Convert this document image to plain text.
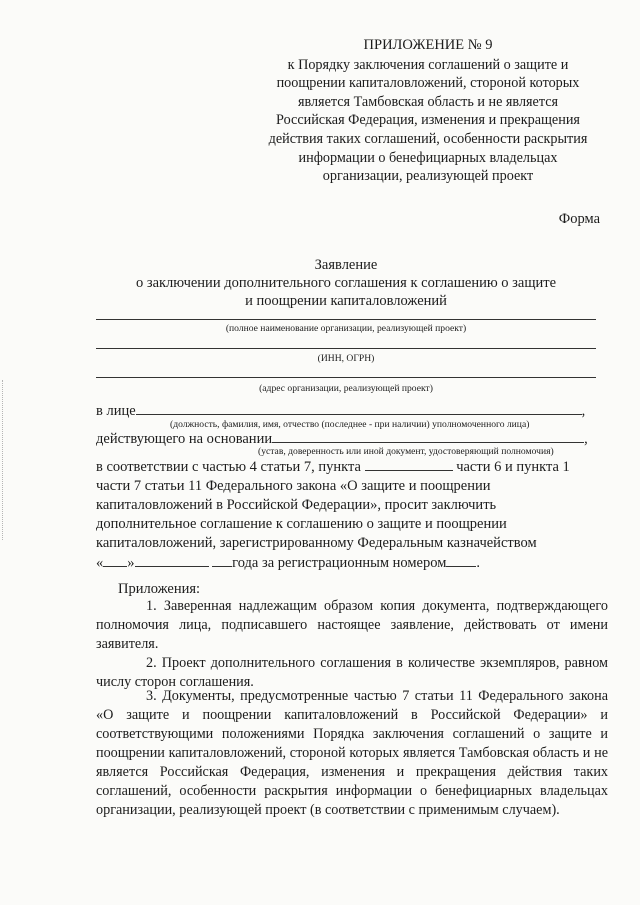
ПРИЛОЖЕНИЕ № 9
к Порядку заключения соглашений о защите и
поощрении капиталовложений, стороной которых
является Тамбовская область и не является
Российская Федерация, изменения и прекращения
действия таких соглашений, особенности раскрытия
информации о бенефициарных владельцах
организации, реализующей проект
Форма
Заявление
о заключении дополнительного соглашения к соглашению о защите
и поощрении капиталовложений
(полное наименование организации, реализующей проект)
(ИНН, ОГРН)
(адрес организации, реализующей проект)
в лице	,
(должность, фамилия, имя, отчество (последнее - при наличии) уполномоченного лица)
действующего на основании	,
(устав, доверенность или иной документ, удостоверяющий полномочия)
в соответствии с частью 4 статьи 7, пункта	части 6 и пункта 1
части 7 статьи 11 Федерального закона «О защите и поощрении
капиталовложений в Российской Федерации», просит заключить
дополнительное соглашение к соглашению о защите и поощрении
капиталовложений, зарегистрированному Федеральным казначейством
« »	года за регистрационным номером .
Приложения:
1. Заверенная надлежащим образом копия документа, подтверждающего полномочия лица, подписавшего настоящее заявление, действовать от имени заявителя.
2. Проект дополнительного соглашения в количестве экземпляров, равном числу сторон соглашения.
3. Документы, предусмотренные частью 7 статьи 11 Федерального закона «О защите и поощрении капиталовложений в Российской Федерации» и соответствующими положениями Порядка заключения соглашений о защите и поощрении капиталовложений, стороной которых является Тамбовская область и не является Российская Федерация, изменения и прекращения действия таких соглашений, особенности раскрытия информации о бенефициарных владельцах организации, реализующей проект (в соответствии с применимым случаем).
